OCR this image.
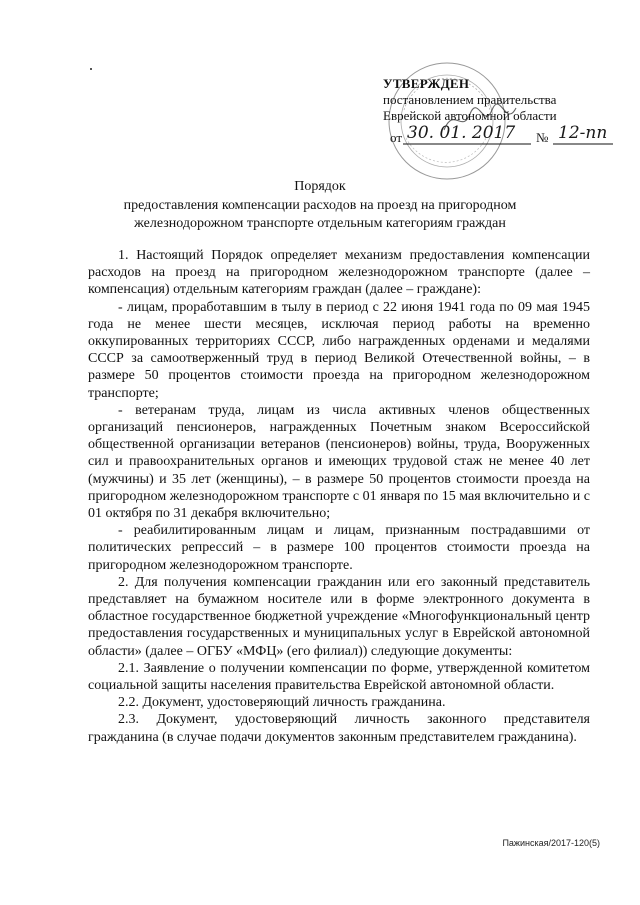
УТВЕРЖДЕН
постановлением правительства
Еврейской автономной области
от 30. 01. 2017 № 12-пп
Порядок
предоставления компенсации расходов на проезд на пригородном
железнодорожном транспорте отдельным категориям граждан

1. Настоящий Порядок определяет механизм предоставления компенсации расходов на проезд на пригородном железнодорожном транспорте (далее – компенсация) отдельным категориям граждан (далее – граждане):

- лицам, проработавшим в тылу в период с 22 июня 1941 года по 09 мая 1945 года не менее шести месяцев, исключая период работы на временно оккупированных территориях СССР, либо награжденных орденами и медалями СССР за самоотверженный труд в период Великой Отечественной войны, – в размере 50 процентов стоимости проезда на пригородном железнодорожном транспорте;

- ветеранам труда, лицам из числа активных членов общественных организаций пенсионеров, награжденных Почетным знаком Всероссийской общественной организации ветеранов (пенсионеров) войны, труда, Вооруженных сил и правоохранительных органов и имеющих трудовой стаж не менее 40 лет (мужчины) и 35 лет (женщины), – в размере 50 процентов стоимости проезда на пригородном железнодорожном транспорте с 01 января по 15 мая включительно и с 01 октября по 31 декабря включительно;

- реабилитированным лицам и лицам, признанным пострадавшими от политических репрессий – в размере 100 процентов стоимости проезда на пригородном железнодорожном транспорте.

2. Для получения компенсации гражданин или его законный представитель представляет на бумажном носителе или в форме электронного документа в областное государственное бюджетной учреждение «Многофункциональный центр предоставления государственных и муниципальных услуг в Еврейской автономной области» (далее – ОГБУ «МФЦ» (его филиал)) следующие документы:

2.1. Заявление о получении компенсации по форме, утвержденной комитетом социальной защиты населения правительства Еврейской автономной области.

2.2. Документ, удостоверяющий личность гражданина.

2.3. Документ, удостоверяющий личность законного представителя гражданина (в случае подачи документов законным представителем гражданина).

Пажинская/2017-120(5)
